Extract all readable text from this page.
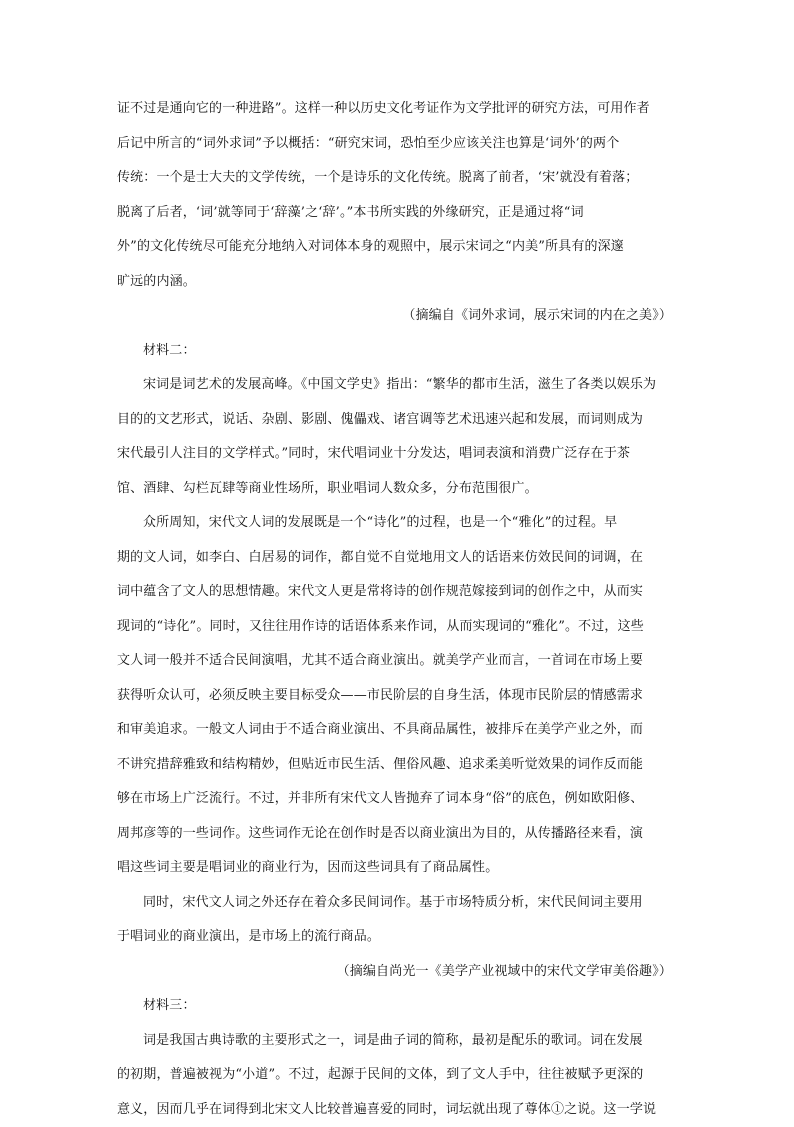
证不过是通向它的一种进路”。这样一种以历史文化考证作为文学批评的研究方法，可用作者
后记中所言的“词外求词”予以概括：“研究宋词，恐怕至少应该关注也算是‘词外’的两个
传统：一个是士大夫的文学传统，一个是诗乐的文化传统。脱离了前者，‘宋’就没有着落；
脱离了后者，‘词’就等同于‘辞藻’之‘辞’。”本书所实践的外缘研究，正是通过将“词
外”的文化传统尽可能充分地纳入对词体本身的观照中，展示宋词之“内美”所具有的深邃
旷远的内涵。
（摘编自《词外求词，展示宋词的内在之美》）
材料二：
宋词是词艺术的发展高峰。《中国文学史》指出：“繁华的都市生活，滋生了各类以娱乐为
目的的文艺形式，说话、杂剧、影剧、傀儡戏、诸宫调等艺术迅速兴起和发展，而词则成为
宋代最引人注目的文学样式。”同时，宋代唱词业十分发达，唱词表演和消费广泛存在于茶
馆、酒肆、勾栏瓦肆等商业性场所，职业唱词人数众多，分布范围很广。
众所周知，宋代文人词的发展既是一个“诗化”的过程，也是一个“雅化”的过程。早
期的文人词，如李白、白居易的词作，都自觉不自觉地用文人的话语来仿效民间的词调，在
词中蕴含了文人的思想情趣。宋代文人更是常将诗的创作规范嫁接到词的创作之中，从而实
现词的“诗化”。同时，又往往用作诗的话语体系来作词，从而实现词的“雅化”。不过，这些
文人词一般并不适合民间演唱，尤其不适合商业演出。就美学产业而言，一首词在市场上要
获得听众认可，必须反映主要目标受众——市民阶层的自身生活，体现市民阶层的情感需求
和审美追求。一般文人词由于不适合商业演出、不具商品属性，被排斥在美学产业之外，而
不讲究措辞雅致和结构精妙，但贴近市民生活、俚俗风趣、追求柔美听觉效果的词作反而能
够在市场上广泛流行。不过，并非所有宋代文人皆抛弃了词本身“俗”的底色，例如欧阳修、
周邦彦等的一些词作。这些词作无论在创作时是否以商业演出为目的，从传播路径来看，演
唱这些词主要是唱词业的商业行为，因而这些词具有了商品属性。
同时，宋代文人词之外还存在着众多民间词作。基于市场特质分析，宋代民间词主要用
于唱词业的商业演出，是市场上的流行商品。
（摘编自尚光一《美学产业视域中的宋代文学审美俗趣》）
材料三：
词是我国古典诗歌的主要形式之一，词是曲子词的简称，最初是配乐的歌词。词在发展
的初期，普遍被视为“小道”。不过，起源于民间的文体，到了文人手中，往往被赋予更深的
意义，因而几乎在词得到北宋文人比较普遍喜爱的同时，词坛就出现了尊体①之说。这一学说
